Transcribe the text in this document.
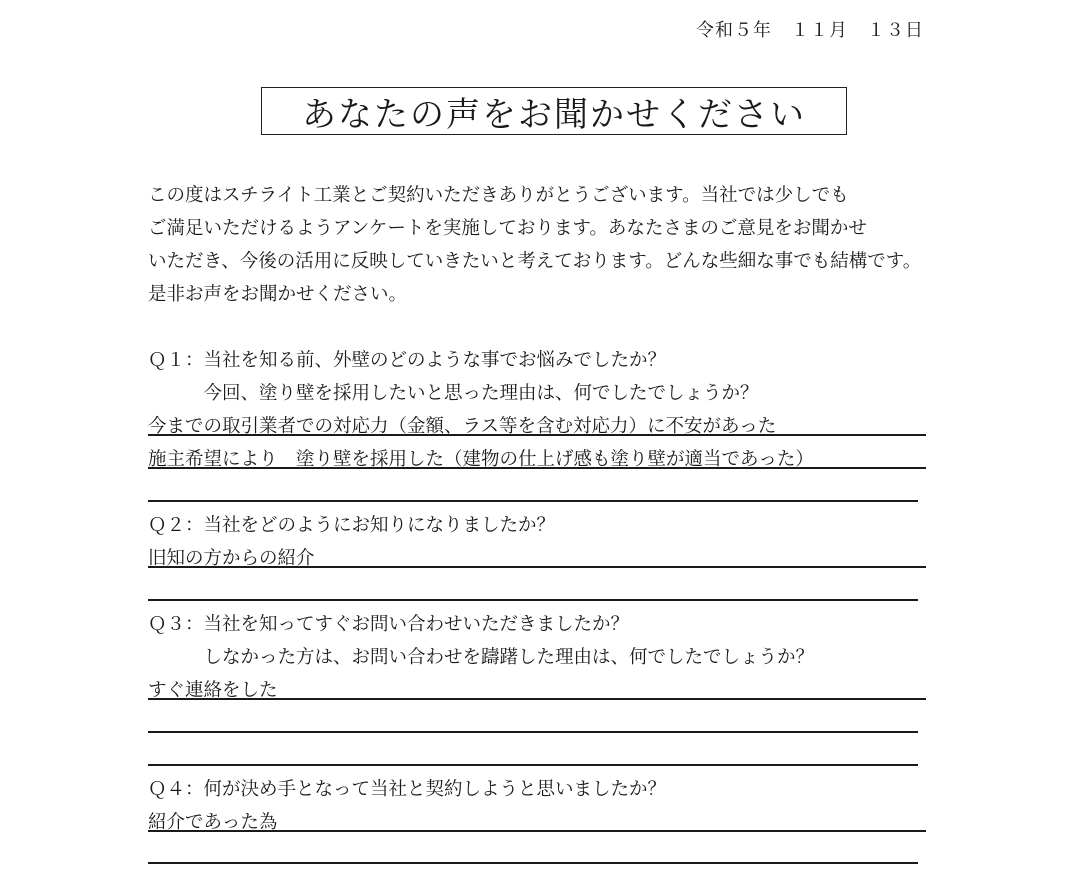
令和５年　１１月　１３日
あなたの声をお聞かせください
この度はスチライト工業とご契約いただきありがとうございます。当社では少しでも
ご満足いただけるようアンケートを実施しております。あなたさまのご意見をお聞かせ
いただき、今後の活用に反映していきたいと考えております。どんな些細な事でも結構です。
是非お声をお聞かせください。
Ｑ１：当社を知る前、外壁のどのような事でお悩みでしたか？
　　　今回、塗り壁を採用したいと思った理由は、何でしたでしょうか？
今までの取引業者での対応力（金額、ラス等を含む対応力）に不安があった
施主希望により　塗り壁を採用した（建物の仕上げ感も塗り壁が適当であった）
Ｑ２：当社をどのようにお知りになりましたか？
旧知の方からの紹介
Ｑ３：当社を知ってすぐお問い合わせいただきましたか？
　　　しなかった方は、お問い合わせを躊躇した理由は、何でしたでしょうか？
すぐ連絡をした
Ｑ４：何が決め手となって当社と契約しようと思いましたか？
紹介であった為
